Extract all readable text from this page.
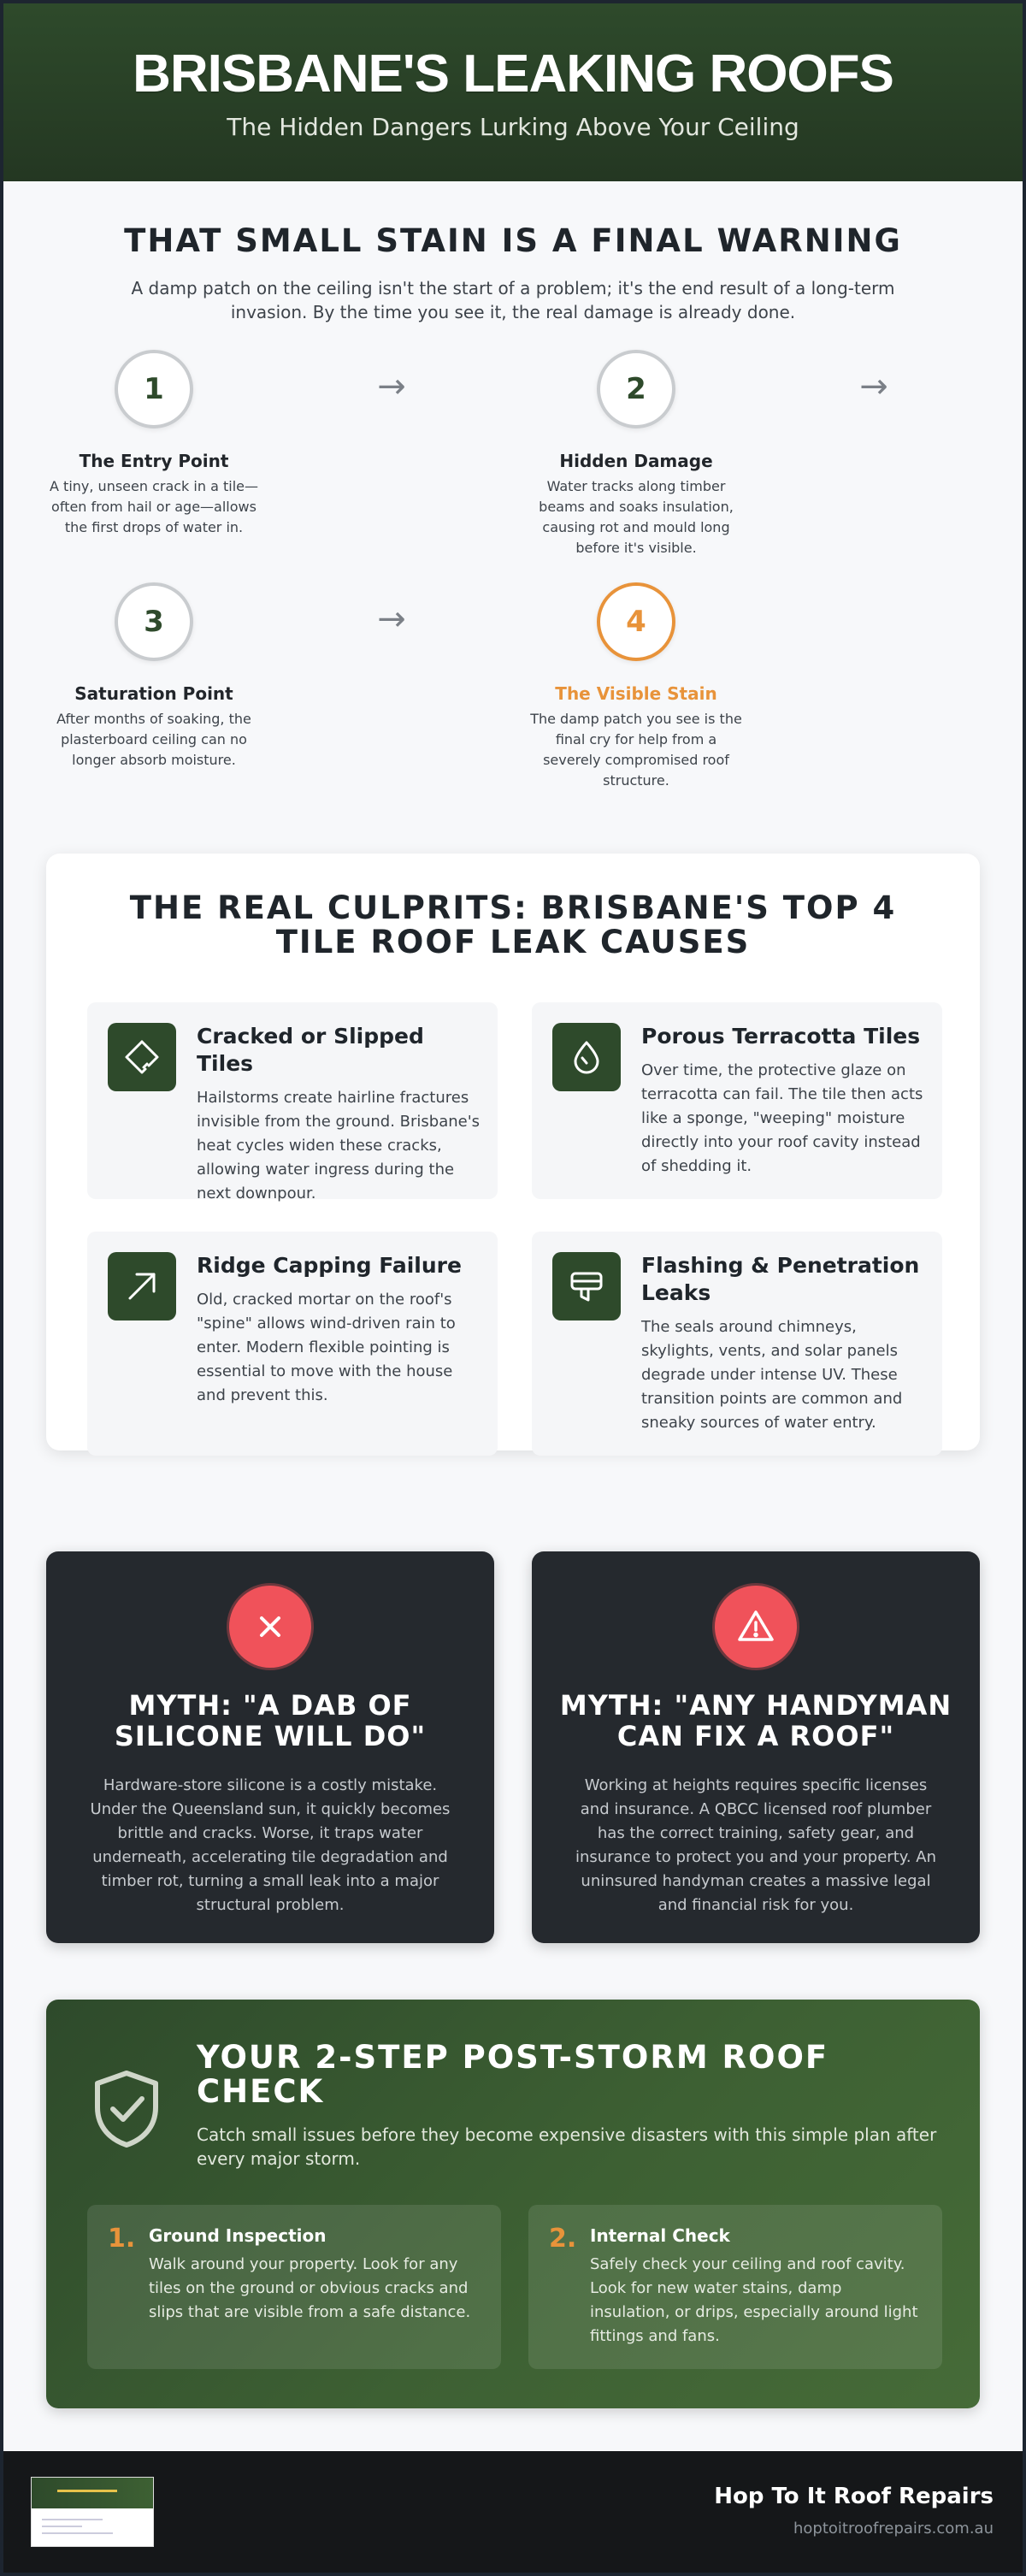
BRISBANE'S LEAKING ROOFS

The Hidden Dangers Lurking Above Your Ceiling

THAT SMALL STAIN IS A FINAL WARNING

A damp patch on the ceiling isn't the start of a problem; it's the end result of a long-term invasion. By the time you see it, the real damage is already done.

1
The Entry Point

A tiny, unseen crack in a tile—often from hail or age—allows the first drops of water in.

→	2
Hidden Damage

Water tracks along timber beams and soaks insulation, causing rot and mould long before it's visible.

→
3
Saturation Point

After months of soaking, the plasterboard ceiling can no longer absorb moisture.

→	4
The Visible Stain

The damp patch you see is the final cry for help from a severely compromised roof structure.

THE REAL CULPRITS: BRISBANE'S TOP 4 TILE ROOF LEAK CAUSES
Cracked or Slipped Tiles

Hailstorms create hairline fractures invisible from the ground. Brisbane's heat cycles widen these cracks, allowing water ingress during the next downpour.

Porous Terracotta Tiles

Over time, the protective glaze on terracotta can fail. The tile then acts like a sponge, "weeping" moisture directly into your roof cavity instead of shedding it.

Ridge Capping Failure

Old, cracked mortar on the roof's "spine" allows wind-driven rain to enter. Modern flexible pointing is essential to move with the house and prevent this.

Flashing & Penetration Leaks

The seals around chimneys, skylights, vents, and solar panels degrade under intense UV. These transition points are common and sneaky sources of water entry.

MYTH: "A DAB OF SILICONE WILL DO"

Hardware-store silicone is a costly mistake. Under the Queensland sun, it quickly becomes brittle and cracks. Worse, it traps water underneath, accelerating tile degradation and timber rot, turning a small leak into a major structural problem.

MYTH: "ANY HANDYMAN CAN FIX A ROOF"

Working at heights requires specific licenses and insurance. A QBCC licensed roof plumber has the correct training, safety gear, and insurance to protect you and your property. An uninsured handyman creates a massive legal and financial risk for you.

YOUR 2-STEP POST-STORM ROOF CHECK

Catch small issues before they become expensive disasters with this simple plan after every major storm.

1. Ground Inspection

Walk around your property. Look for any tiles on the ground or obvious cracks and slips that are visible from a safe distance.

2. Internal Check

Safely check your ceiling and roof cavity. Look for new water stains, damp insulation, or drips, especially around light fittings and fans.

Hop To It Roof Repairs
hoptoitroofrepairs.com.au
